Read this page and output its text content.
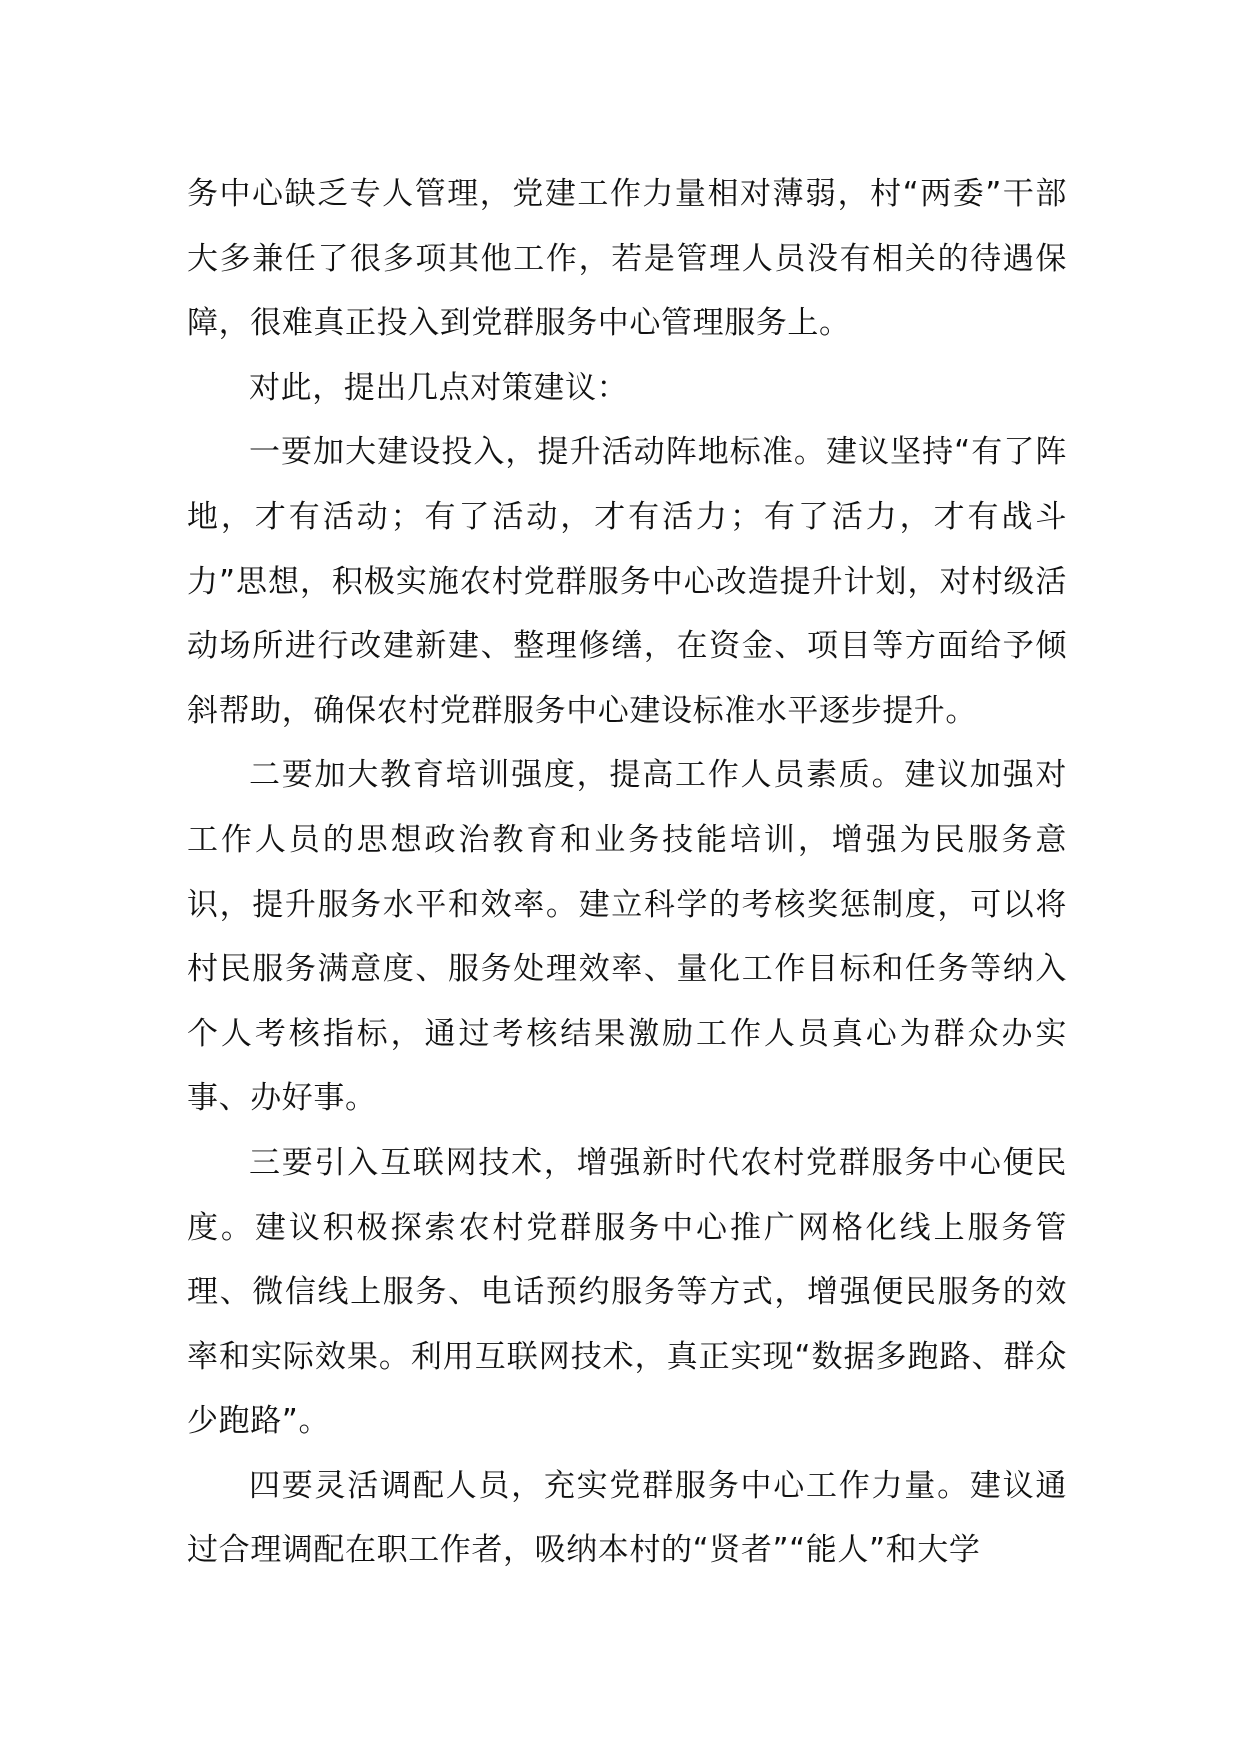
务中心缺乏专人管理，党建工作力量相对薄弱，村“两委”干部大多兼任了很多项其他工作，若是管理人员没有相关的待遇保障，很难真正投入到党群服务中心管理服务上。

对此，提出几点对策建议：

一要加大建设投入，提升活动阵地标准。建议坚持“有了阵地，才有活动；有了活动，才有活力；有了活力，才有战斗力”思想，积极实施农村党群服务中心改造提升计划，对村级活动场所进行改建新建、整理修缮，在资金、项目等方面给予倾斜帮助，确保农村党群服务中心建设标准水平逐步提升。

二要加大教育培训强度，提高工作人员素质。建议加强对工作人员的思想政治教育和业务技能培训，增强为民服务意识，提升服务水平和效率。建立科学的考核奖惩制度，可以将村民服务满意度、服务处理效率、量化工作目标和任务等纳入个人考核指标，通过考核结果激励工作人员真心为群众办实事、办好事。

三要引入互联网技术，增强新时代农村党群服务中心便民度。建议积极探索农村党群服务中心推广网格化线上服务管理、微信线上服务、电话预约服务等方式，增强便民服务的效率和实际效果。利用互联网技术，真正实现“数据多跑路、群众少跑路”。

四要灵活调配人员，充实党群服务中心工作力量。建议通过合理调配在职工作者，吸纳本村的“贤者”“能人”和大学
